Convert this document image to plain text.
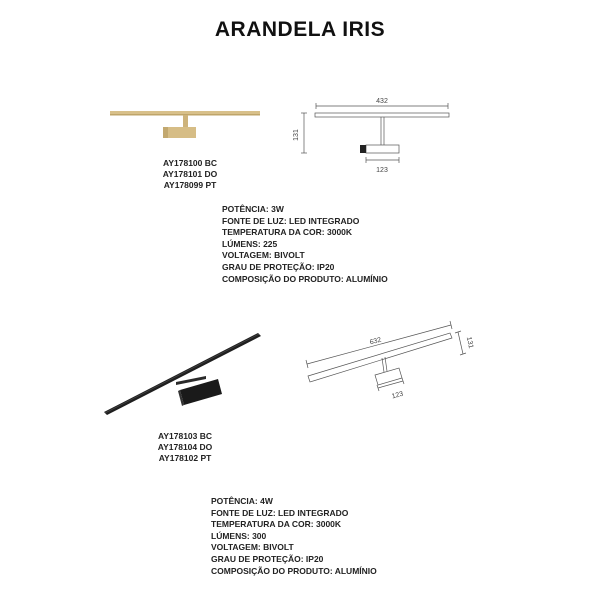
ARANDELA IRIS
432
131
123
AY178100 BC
AY178101 DO
AY178099 PT
POTÊNCIA: 3W
FONTE DE LUZ: LED INTEGRADO
TEMPERATURA DA COR: 3000K
LÚMENS: 225
VOLTAGEM: BIVOLT
GRAU DE PROTEÇÃO: IP20
COMPOSIÇÃO DO PRODUTO: ALUMÍNIO
632	131
123
AY178103 BC
AY178104 DO
AY178102 PT
POTÊNCIA: 4W
FONTE DE LUZ: LED INTEGRADO
TEMPERATURA DA COR: 3000K
LÚMENS: 300
VOLTAGEM: BIVOLT
GRAU DE PROTEÇÃO: IP20
COMPOSIÇÃO DO PRODUTO: ALUMÍNIO
